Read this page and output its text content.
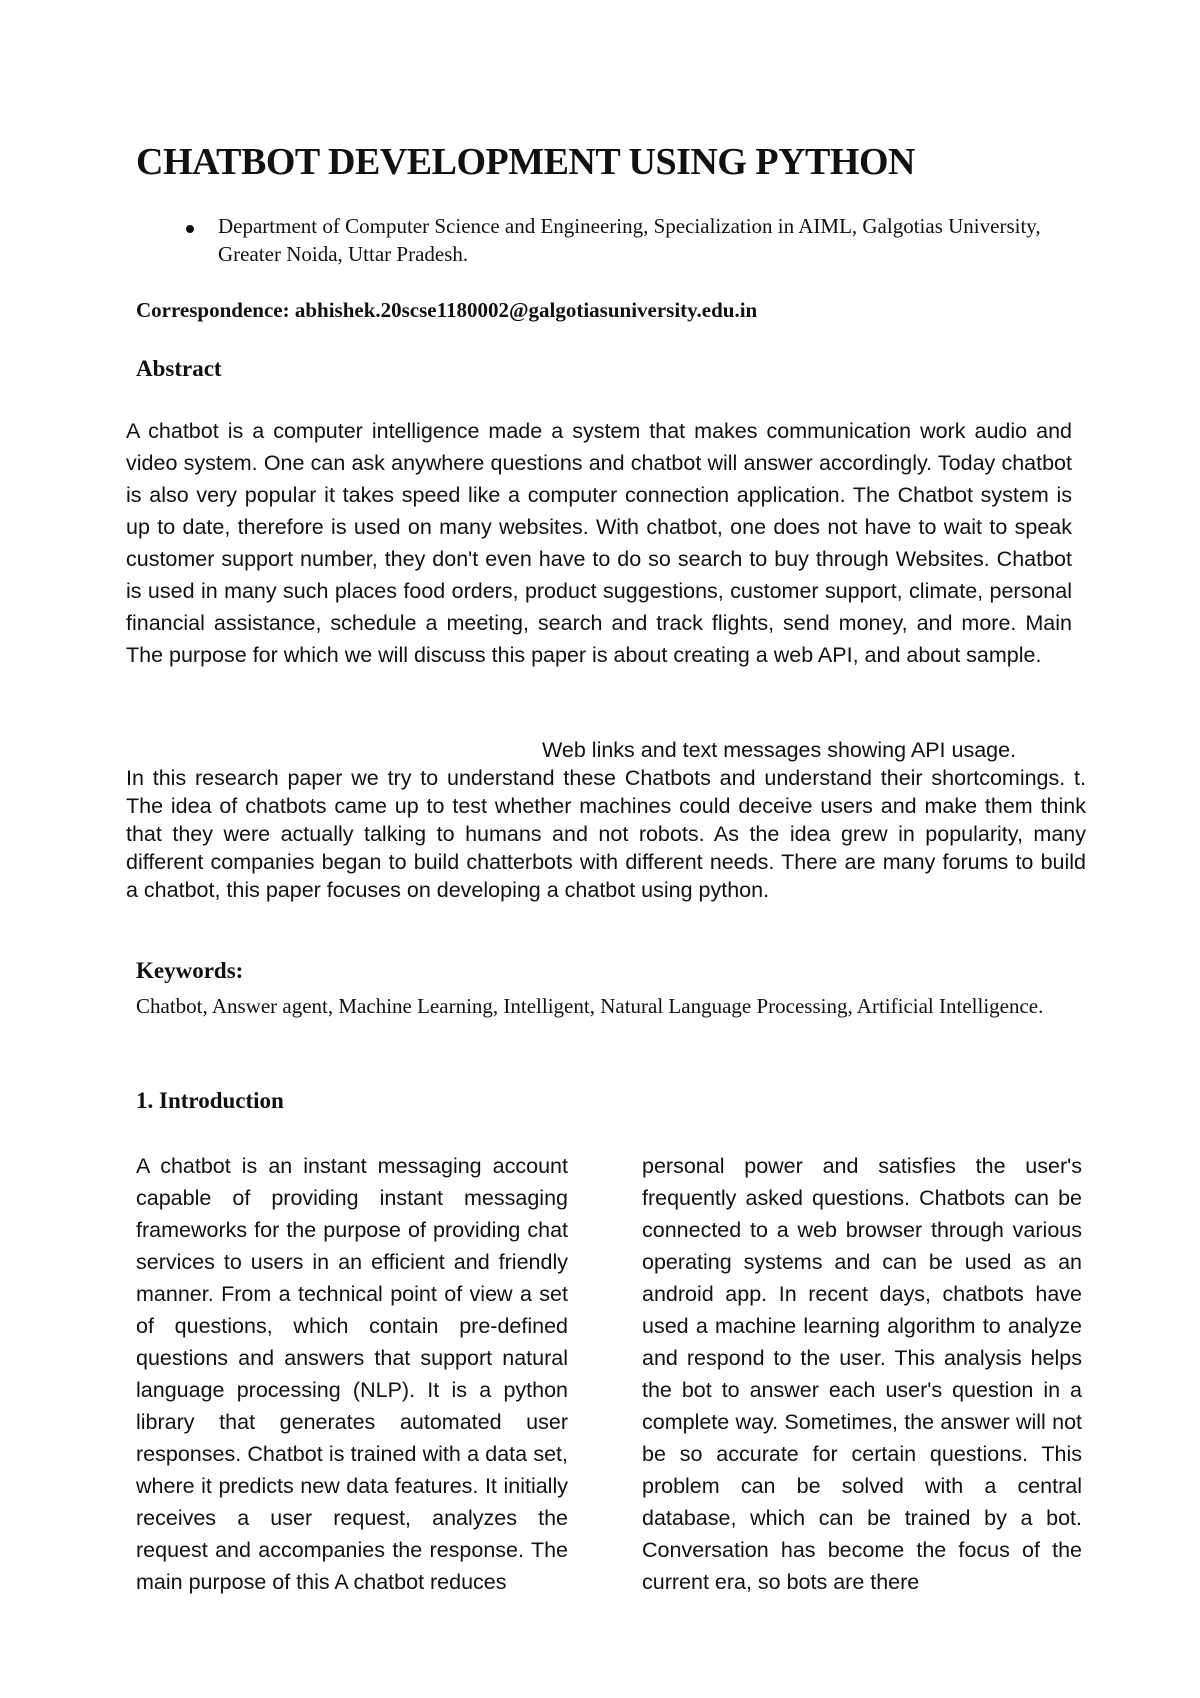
CHATBOT DEVELOPMENT USING PYTHON
Department of Computer Science and Engineering, Specialization in AIML, Galgotias University, Greater Noida, Uttar Pradesh.
Correspondence: abhishek.20scse1180002@galgotiasuniversity.edu.in
Abstract
A chatbot is a computer intelligence made a system that makes communication work audio and video system. One can ask anywhere questions and chatbot will answer accordingly. Today chatbot is also very popular it takes speed like a computer connection application. The Chatbot system is up to date, therefore is used on many websites. With chatbot, one does not have to wait to speak customer support number, they don't even have to do so search to buy through Websites. Chatbot is used in many such places food orders, product suggestions, customer support, climate, personal financial assistance, schedule a meeting, search and track flights, send money, and more. Main The purpose for which we will discuss this paper is about creating a web API, and about sample.
Web links and text messages showing API usage.
In this research paper we try to understand these Chatbots and understand their shortcomings. t. The idea of chatbots came up to test whether machines could deceive users and make them think that they were actually talking to humans and not robots. As the idea grew in popularity, many different companies began to build chatterbots with different needs. There are many forums to build a chatbot, this paper focuses on developing a chatbot using python.
Keywords:
Chatbot, Answer agent, Machine Learning, Intelligent, Natural Language Processing, Artificial Intelligence.
1. Introduction
A chatbot is an instant messaging account capable of providing instant messaging frameworks for the purpose of providing chat services to users in an efficient and friendly manner. From a technical point of view a set of questions, which contain pre-defined questions and answers that support natural language processing (NLP). It is a python library that generates automated user responses. Chatbot is trained with a data set, where it predicts new data features. It initially receives a user request, analyzes the request and accompanies the response. The main purpose of this A chatbot reduces
personal power and satisfies the user's frequently asked questions. Chatbots can be connected to a web browser through various operating systems and can be used as an android app. In recent days, chatbots have used a machine learning algorithm to analyze and respond to the user. This analysis helps the bot to answer each user's question in a complete way. Sometimes, the answer will not be so accurate for certain questions. This problem can be solved with a central database, which can be trained by a bot. Conversation has become the focus of the current era, so bots are there
